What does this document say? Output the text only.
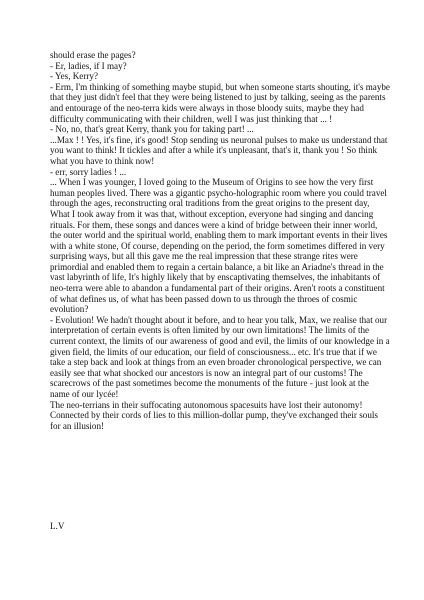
should erase the pages?

- Er, ladies, if I may?

- Yes, Kerry?

- Erm, I'm thinking of something maybe stupid, but when someone starts shouting, it's maybe that they just didn't feel that they were being listened to just by talking, seeing as the parents and entourage of the neo-terra kids were always in those bloody suits, maybe they had difficulty communicating with their children, well I was just thinking that ... !

- No, no, that's great Kerry, thank you for taking part! ...

...Max ! ! Yes, it's fine, it's good! Stop sending us neuronal pulses to make us understand that you want to think! It tickles and after a while it's unpleasant, that's it, thank you ! So think what you have to think now!

- err, sorry ladies ! ...

... When I was younger, I loved going to the Museum of Origins to see how the very first human peoples lived. There was a gigantic psycho-holographic room where you could travel through the ages, reconstructing oral traditions from the great origins to the present day, What I took away from it was that, without exception, everyone had singing and dancing rituals. For them, these songs and dances were a kind of bridge between their inner world, the outer world and the spiritual world, enabling them to mark important events in their lives with a white stone, Of course, depending on the period, the form sometimes differed in very surprising ways, but all this gave me the real impression that these strange rites were primordial and enabled them to regain a certain balance, a bit like an Ariadne's thread in the vast labyrinth of life, It's highly likely that by enscaptivating themselves, the inhabitants of neo-terra were able to abandon a fundamental part of their origins. Aren't roots a constituent of what defines us, of what has been passed down to us through the throes of cosmic evolution?

- Evolution! We hadn't thought about it before, and to hear you talk, Max, we realise that our interpretation of certain events is often limited by our own limitations! The limits of the current context, the limits of our awareness of good and evil, the limits of our knowledge in a given field, the limits of our education, our field of consciousness... etc. It's true that if we take a step back and look at things from an even broader chronological perspective, we can easily see that what shocked our ancestors is now an integral part of our customs! The scarecrows of the past sometimes become the monuments of the future - just look at the name of our lycée!

The neo-terrians in their suffocating autonomous spacesuits have lost their autonomy! Connected by their cords of lies to this million-dollar pump, they've exchanged their souls for an illusion!

L.V
